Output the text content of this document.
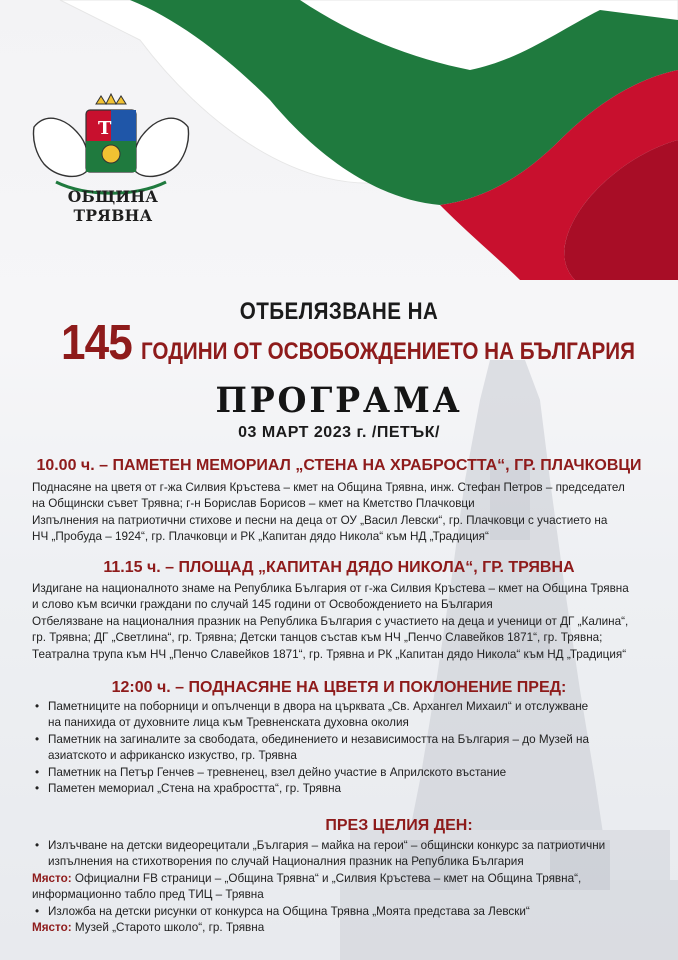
T
ОБЩИНА ТРЯВНА
ОТБЕЛЯЗВАНЕ НА
145 ГОДИНИ ОТ ОСВОБОЖДЕНИЕТО НА БЪЛГАРИЯ
ПРОГРАМА
03 МАРТ 2023 г. /ПЕТЪК/
10.00 ч. – ПАМЕТЕН МЕМОРИАЛ „СТЕНА НА ХРАБРОСТТА“, ГР. ПЛАЧКОВЦИ

Поднасяне на цветя от г-жа Силвия Кръстева – кмет на Община Трявна, инж. Стефан Петров – председател

на Общински съвет Трявна; г-н Борислав Борисов – кмет на Кметство Плачковци

Изпълнения на патриотични стихове и песни на деца от ОУ „Васил Левски“, гр. Плачковци с участието на

НЧ „Пробуда – 1924“, гр. Плачковци и РК „Капитан дядо Никола“ към НД „Традиция“

11.15 ч. – ПЛОЩАД „КАПИТАН ДЯДО НИКОЛА“, ГР. ТРЯВНА

Издигане на националното знаме на Република България от г-жа Силвия Кръстева – кмет на Община Трявна

и слово към всички граждани по случай 145 години от Освобождението на България

Отбелязване на националния празник на Република България с участието на деца и ученици от ДГ „Калина“,

гр. Трявна; ДГ „Светлина“, гр. Трявна; Детски танцов състав към НЧ „Пенчо Славейков 1871“, гр. Трявна;

Театрална трупа към НЧ „Пенчо Славейков 1871“, гр. Трявна и РК „Капитан дядо Никола“ към НД „Традиция“

12:00 ч. – ПОДНАСЯНЕ НА ЦВЕТЯ И ПОКЛОНЕНИЕ ПРЕД:
• Паметниците на поборници и опълченци в двора на църквата „Св. Архангел Михаил“ и отслужване
на панихида от духовните лица към Тревненската духовна околия
• Паметник на загиналите за свободата, обединението и независимостта на България – до Музей на
азиатското и африканско изкуство, гр. Трявна
• Паметник на Петър Генчев – тревненец, взел дейно участие в Априлското въстание
• Паметен мемориал „Стена на храбростта“, гр. Трявна
ПРЕЗ ЦЕЛИЯ ДЕН:
• Излъчване на детски видеорецитали „България – майка на герои“ – общински конкурс за патриотични
изпълнения на стихотворения по случай Националния празник на Република България
Място: Официални FB страници – „Община Трявна“ и „Силвия Кръстева – кмет на Община Трявна“,
информационно табло пред ТИЦ – Трявна
• Изложба на детски рисунки от конкурса на Община Трявна „Моята представа за Левски“
Място: Музей „Старото школо“, гр. Трявна
